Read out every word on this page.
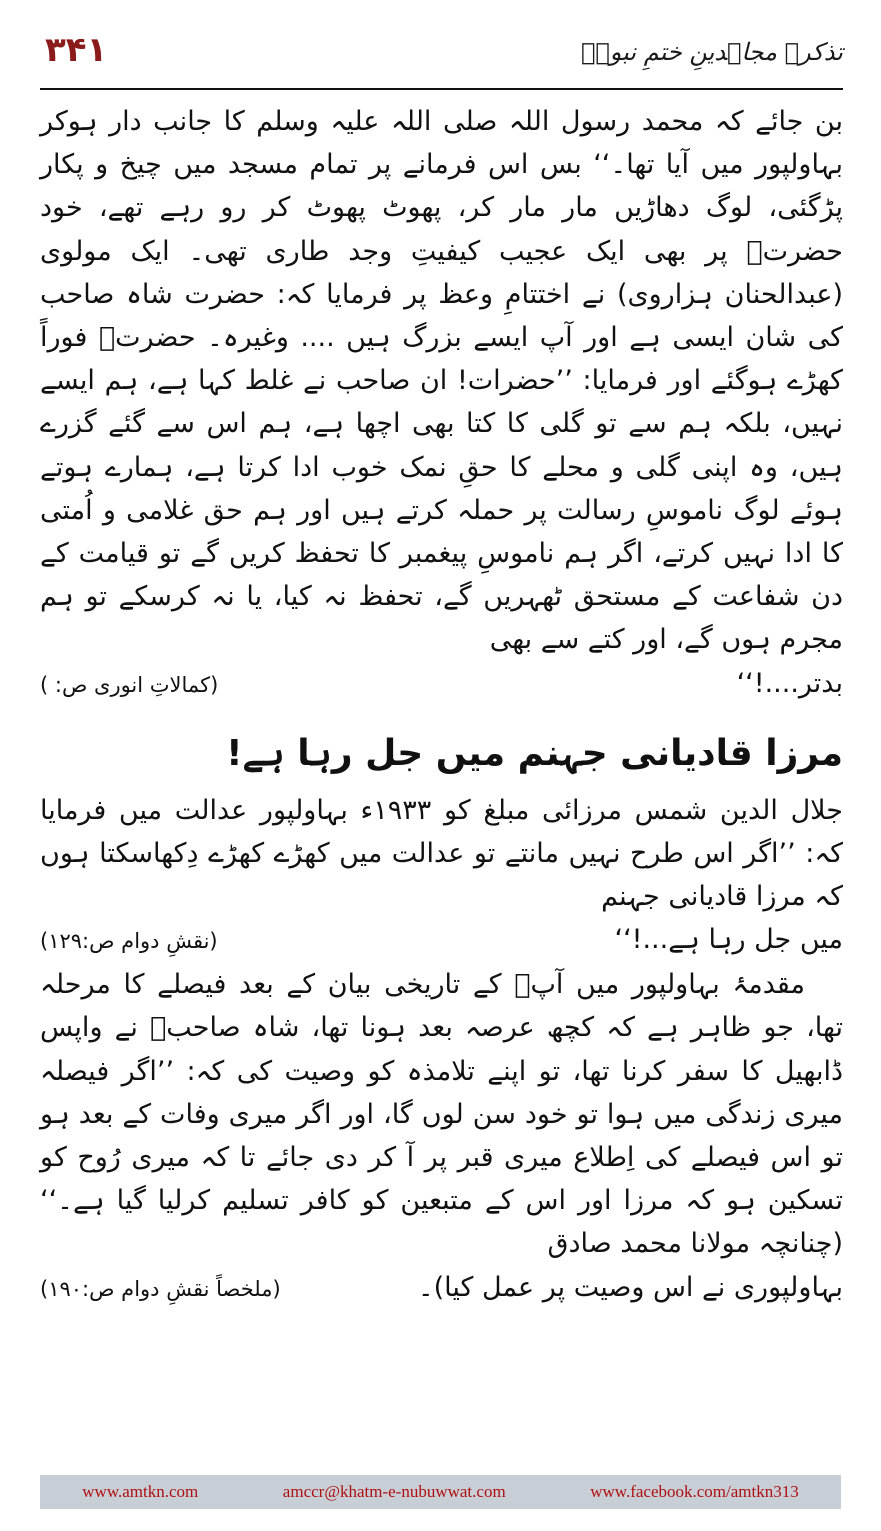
۳۴۱	تذکرہ مجاہدینِ ختمِ نبوتؐ

بن جائے کہ محمد رسول اللہ صلی اللہ علیہ وسلم کا جانب دار ہوکر بہاولپور میں آیا تھا۔‘‘ بس اس فرمانے پر تمام مسجد میں چیخ و پکار پڑگئی، لوگ دھاڑیں مار مار کر، پھوٹ پھوٹ کر رو رہے تھے، خود حضرتؒ پر بھی ایک عجیب کیفیتِ وجد طاری تھی۔ ایک مولوی (عبدالحنان ہزاروی) نے اختتامِ وعظ پر فرمایا کہ: حضرت شاہ صاحب کی شان ایسی ہے اور آپ ایسے بزرگ ہیں .... وغیرہ۔ حضرتؒ فوراً کھڑے ہوگئے اور فرمایا: ’’حضرات! ان صاحب نے غلط کہا ہے، ہم ایسے نہیں، بلکہ ہم سے تو گلی کا کتا بھی اچھا ہے، ہم اس سے گئے گزرے ہیں، وہ اپنی گلی و محلے کا حقِ نمک خوب ادا کرتا ہے، ہمارے ہوتے ہوئے لوگ ناموسِ رسالت پر حملہ کرتے ہیں اور ہم حق غلامی و اُمتی کا ادا نہیں کرتے، اگر ہم ناموسِ پیغمبر کا تحفظ کریں گے تو قیامت کے دن شفاعت کے مستحق ٹھہریں گے، تحفظ نہ کیا، یا نہ کرسکے تو ہم مجرم ہوں گے، اور کتے سے بھی

بدتر....!‘‘
(کمالاتِ انوری ص: )
مرزا قادیانی جہنم میں جل رہا ہے!

جلال الدین شمس مرزائی مبلغ کو ۱۹۳۳ء بہاولپور عدالت میں فرمایا کہ: ’’اگر اس طرح نہیں مانتے تو عدالت میں کھڑے کھڑے دِکھاسکتا ہوں کہ مرزا قادیانی جہنم

میں جل رہا ہے...!‘‘
(نقشِ دوام ص:۱۲۹)

مقدمۂ بہاولپور میں آپؒ کے تاریخی بیان کے بعد فیصلے کا مرحلہ تھا، جو ظاہر ہے کہ کچھ عرصہ بعد ہونا تھا، شاہ صاحبؒ نے واپس ڈابھیل کا سفر کرنا تھا، تو اپنے تلامذہ کو وصیت کی کہ: ’’اگر فیصلہ میری زندگی میں ہوا تو خود سن لوں گا، اور اگر میری وفات کے بعد ہو تو اس فیصلے کی اِطلاع میری قبر پر آ کر دی جائے تا کہ میری رُوح کو تسکین ہو کہ مرزا اور اس کے متبعین کو کافر تسلیم کرلیا گیا ہے۔‘‘ (چنانچہ مولانا محمد صادق

بہاولپوری نے اس وصیت پر عمل کیا)۔
(ملخصاً نقشِ دوام ص:۱۹۰)
www.amtkn.com	amccr@khatm-e-nubuwwat.com	www.facebook.com/amtkn313
